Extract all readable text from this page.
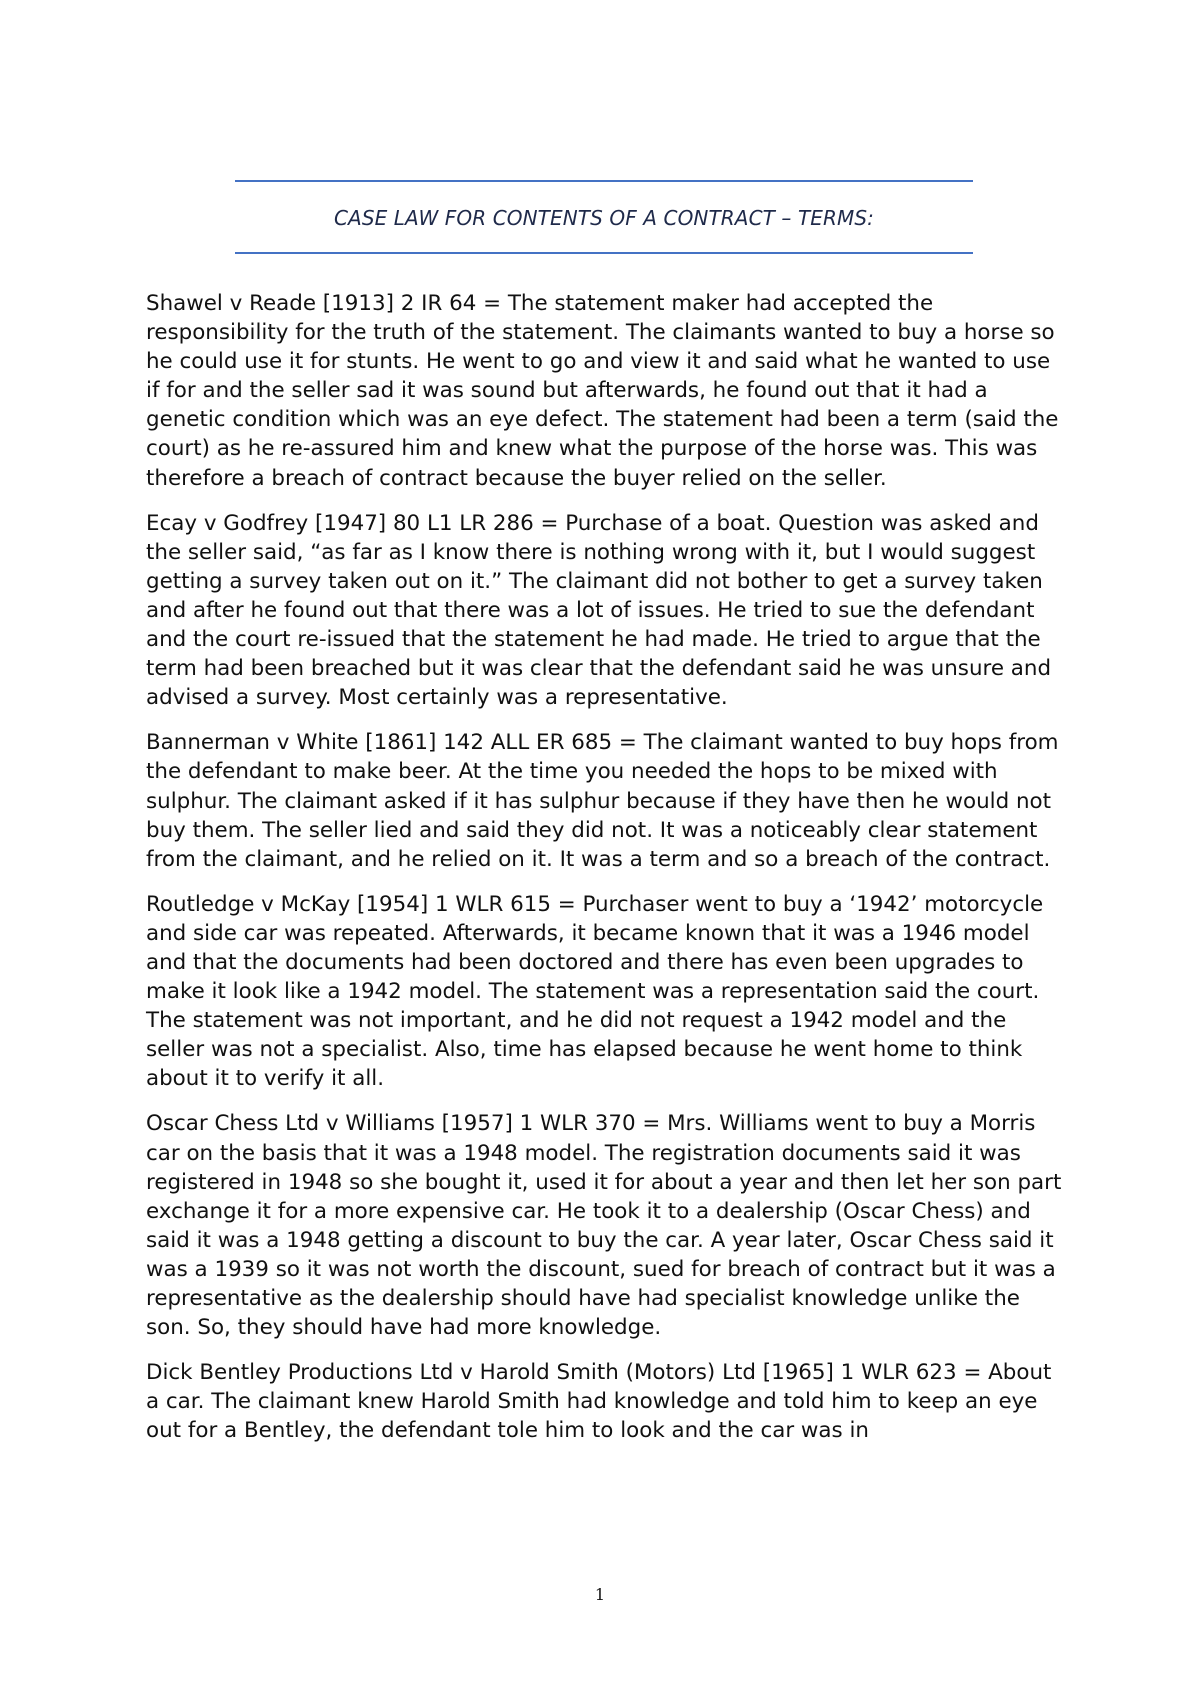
CASE LAW FOR CONTENTS OF A CONTRACT – TERMS:

Shawel v Reade [1913] 2 IR 64 = The statement maker had accepted the responsibility for the truth of the statement. The claimants wanted to buy a horse so he could use it for stunts. He went to go and view it and said what he wanted to use if for and the seller sad it was sound but afterwards, he found out that it had a genetic condition which was an eye defect. The statement had been a term (said the court) as he re-assured him and knew what the purpose of the horse was. This was therefore a breach of contract because the buyer relied on the seller.

Ecay v Godfrey [1947] 80 L1 LR 286 = Purchase of a boat. Question was asked and the seller said, “as far as I know there is nothing wrong with it, but I would suggest getting a survey taken out on it.” The claimant did not bother to get a survey taken and after he found out that there was a lot of issues. He tried to sue the defendant and the court re-issued that the statement he had made. He tried to argue that the term had been breached but it was clear that the defendant said he was unsure and advised a survey. Most certainly was a representative.

Bannerman v White [1861] 142 ALL ER 685 = The claimant wanted to buy hops from the defendant to make beer. At the time you needed the hops to be mixed with sulphur. The claimant asked if it has sulphur because if they have then he would not buy them. The seller lied and said they did not. It was a noticeably clear statement from the claimant, and he relied on it. It was a term and so a breach of the contract.

Routledge v McKay [1954] 1 WLR 615 = Purchaser went to buy a ‘1942’ motorcycle and side car was repeated. Afterwards, it became known that it was a 1946 model and that the documents had been doctored and there has even been upgrades to make it look like a 1942 model. The statement was a representation said the court. The statement was not important, and he did not request a 1942 model and the seller was not a specialist. Also, time has elapsed because he went home to think about it to verify it all.

Oscar Chess Ltd v Williams [1957] 1 WLR 370 = Mrs. Williams went to buy a Morris car on the basis that it was a 1948 model. The registration documents said it was registered in 1948 so she bought it, used it for about a year and then let her son part exchange it for a more expensive car. He took it to a dealership (Oscar Chess) and said it was a 1948 getting a discount to buy the car. A year later, Oscar Chess said it was a 1939 so it was not worth the discount, sued for breach of contract but it was a representative as the dealership should have had specialist knowledge unlike the son. So, they should have had more knowledge.

Dick Bentley Productions Ltd v Harold Smith (Motors) Ltd [1965] 1 WLR 623 = About a car. The claimant knew Harold Smith had knowledge and told him to keep an eye out for a Bentley, the defendant tole him to look and the car was in

1
